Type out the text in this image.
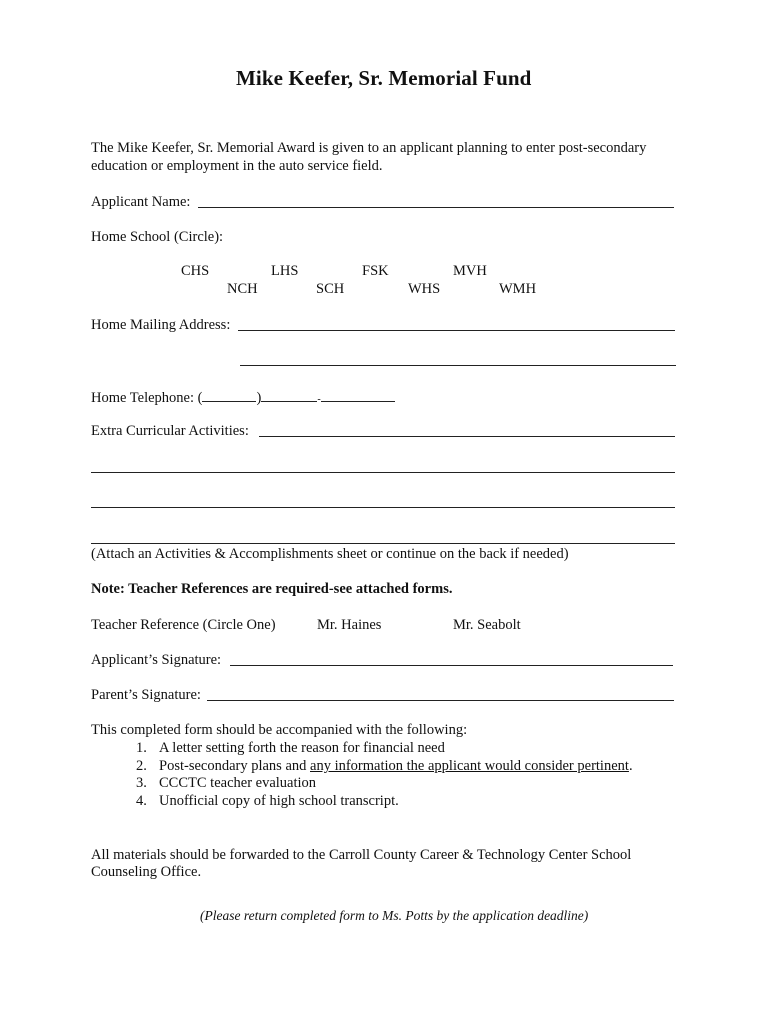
Mike Keefer, Sr. Memorial Fund
The Mike Keefer, Sr. Memorial Award is given to an applicant planning to enter post-secondary
education or employment in the auto service field.
Applicant Name:
Home School (Circle):
CHS	LHS	FSK	MVH
NCH	SCH	WHS	WMH
Home Mailing Address:
Home Telephone: (	)	-
Extra Curricular Activities:
(Attach an Activities & Accomplishments sheet or continue on the back if needed)
Note: Teacher References are required-see attached forms.
Teacher Reference (Circle One)	Mr. Haines	Mr. Seabolt
Applicant’s Signature:
Parent’s Signature:
This completed form should be accompanied with the following:
1. A letter setting forth the reason for financial need
2. Post-secondary plans and any information the applicant would consider pertinent.
3. CCCTC teacher evaluation
4. Unofficial copy of high school transcript.
All materials should be forwarded to the Carroll County Career & Technology Center School
Counseling Office.
(Please return completed form to Ms. Potts by the application deadline)
